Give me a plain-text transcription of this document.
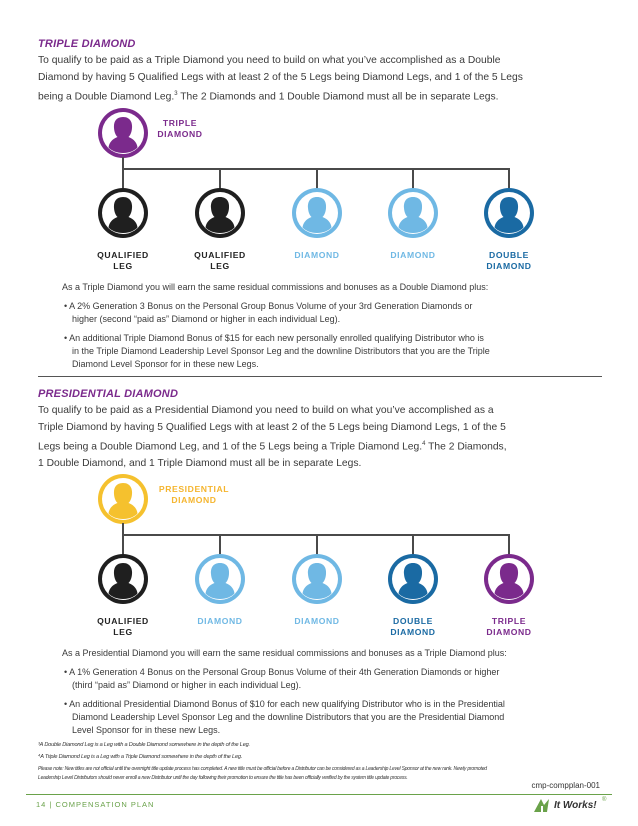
TRIPLE DIAMOND
To qualify to be paid as a Triple Diamond you need to build on what you’ve accomplished as a Double
Diamond by having 5 Qualified Legs with at least 2 of the 5 Legs being Diamond Legs, and 1 of the 5 Legs
being a Double Diamond Leg.$^3$ The 2 Diamonds and 1 Double Diamond must all be in separate Legs.
TRIPLE
DIAMOND
QUALIFIED
LEG
QUALIFIED
LEG
DIAMOND	DIAMOND	DOUBLE
DIAMOND

As a Triple Diamond you will earn the same residual commissions and bonuses as a Double Diamond plus:

• A 2% Generation 3 Bonus on the Personal Group Bonus Volume of your 3rd Generation Diamonds or
higher (second “paid as” Diamond or higher in each individual Leg).

• An additional Triple Diamond Bonus of $15 for each new personally enrolled qualifying Distributor who is
in the Triple Diamond Leadership Level Sponsor Leg and the downline Distributors that you are the Triple
Diamond Level Sponsor for in these new Legs.

PRESIDENTIAL DIAMOND
To qualify to be paid as a Presidential Diamond you need to build on what you’ve accomplished as a
Triple Diamond by having 5 Qualified Legs with at least 2 of the 5 Legs being Diamond Legs, 1 of the 5
Legs being a Double Diamond Leg, and 1 of the 5 Legs being a Triple Diamond Leg.$^4$ The 2 Diamonds,
1 Double Diamond, and 1 Triple Diamond must all be in separate Legs.
PRESIDENTIAL
DIAMOND
QUALIFIED
LEG
DIAMOND	DIAMOND	DOUBLE
DIAMOND
TRIPLE
DIAMOND

As a Presidential Diamond you will earn the same residual commissions and bonuses as a Triple Diamond plus:

• A 1% Generation 4 Bonus on the Personal Group Bonus Volume of their 4th Generation Diamonds or higher
(third “paid as” Diamond or higher in each individual Leg).

• An additional Presidential Diamond Bonus of $10 for each new qualifying Distributor who is in the Presidential
Diamond Leadership Level Sponsor Leg and the downline Distributors that you are the Presidential Diamond
Level Sponsor for in these new Legs.

³A Double Diamond Leg is a Leg with a Double Diamond somewhere in the depth of the Leg.
⁴A Triple Diamond Leg is a Leg with a Triple Diamond somewhere in the depth of the Leg.
Please note: New titles are not official until the overnight title update process has completed. A new title must be official before a Distributor can be considered as a Leadership Level Sponsor at the new rank. Newly promoted
Leadership Level Distributors should never enroll a new Distributor until the day following their promotion to ensure the title has been officially verified by the system title update process.
cmp-compplan-001
14 | COMPENSATION PLAN	It Works! ®
